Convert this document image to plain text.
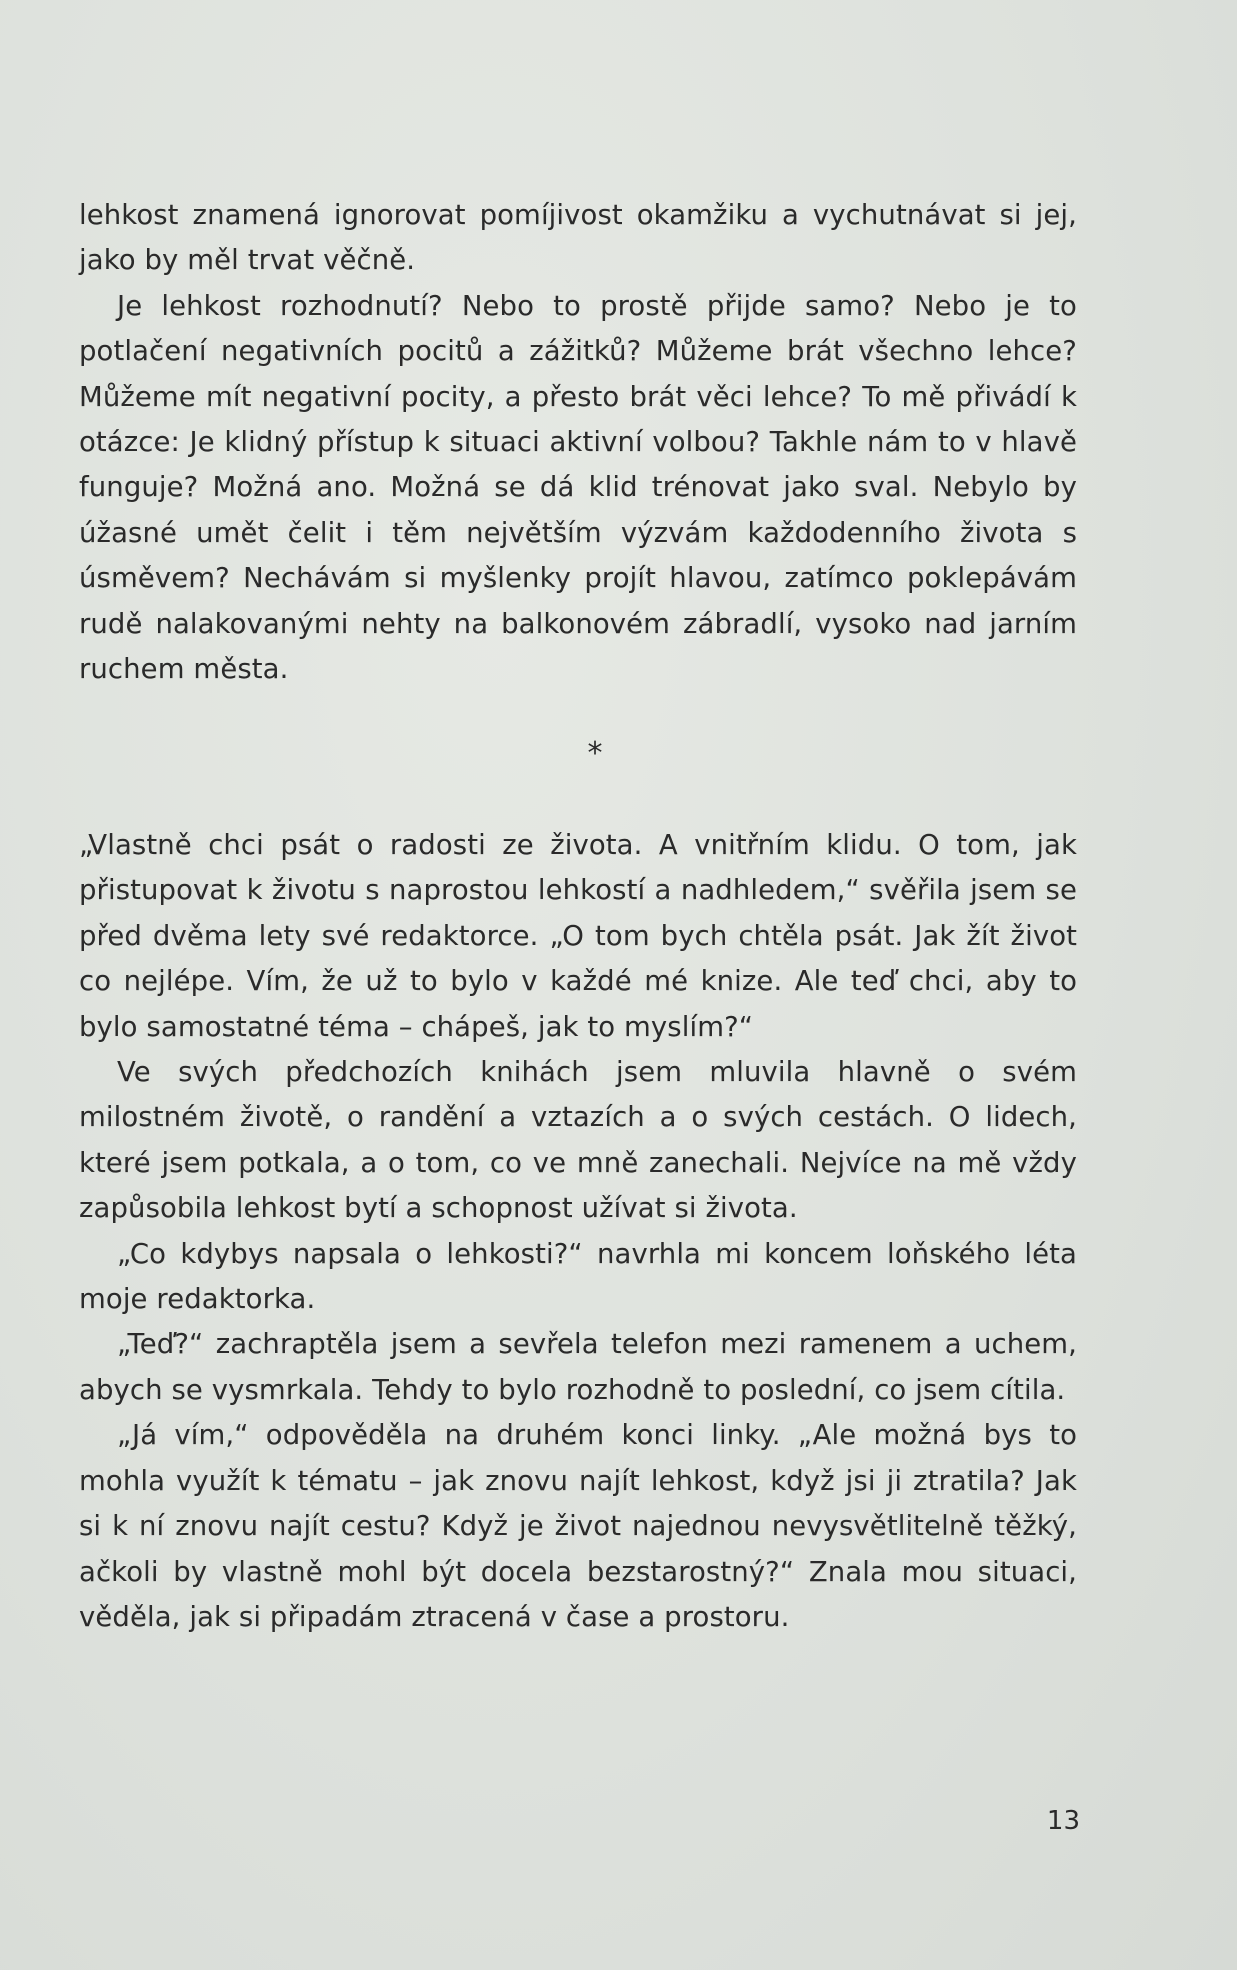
lehkost znamená ignorovat pomíjivost okamžiku a vychutnávat si jej, jako by měl trvat věčně.

Je lehkost rozhodnutí? Nebo to prostě přijde samo? Nebo je to potlačení negativních pocitů a zážitků? Můžeme brát všechno lehce? Můžeme mít negativní pocity, a přesto brát věci lehce? To mě přivádí k otázce: Je klidný přístup k situaci aktivní volbou? Takhle nám to v hlavě funguje? Možná ano. Možná se dá klid trénovat jako sval. Nebylo by úžasné umět čelit i těm největším výzvám každodenního života s úsměvem? Nechávám si myšlenky projít hlavou, zatímco poklepávám rudě nalakovanými nehty na balkonovém zábradlí, vysoko nad jarním ruchem města.

*

„Vlastně chci psát o radosti ze života. A vnitřním klidu. O tom, jak přistupovat k životu s naprostou lehkostí a nadhledem,“ svěřila jsem se před dvěma lety své redaktorce. „O tom bych chtěla psát. Jak žít život co nejlépe. Vím, že už to bylo v každé mé knize. Ale teď chci, aby to bylo samostatné téma – chápeš, jak to myslím?“

Ve svých předchozích knihách jsem mluvila hlavně o svém milostném životě, o randění a vztazích a o svých cestách. O lidech, které jsem potkala, a o tom, co ve mně zanechali. Nejvíce na mě vždy zapůsobila lehkost bytí a schopnost užívat si života.

„Co kdybys napsala o lehkosti?“ navrhla mi koncem loňského léta moje redaktorka.

„Teď?“ zachraptěla jsem a sevřela telefon mezi ramenem a uchem, abych se vysmrkala. Tehdy to bylo rozhodně to poslední, co jsem cítila.

„Já vím,“ odpověděla na druhém konci linky. „Ale možná bys to mohla využít k tématu – jak znovu najít lehkost, když jsi ji ztratila? Jak si k ní znovu najít cestu? Když je život najednou nevysvětlitelně těžký, ačkoli by vlastně mohl být docela bezstarostný?“ Znala mou situaci, věděla, jak si připadám ztracená v čase a prostoru.

13
